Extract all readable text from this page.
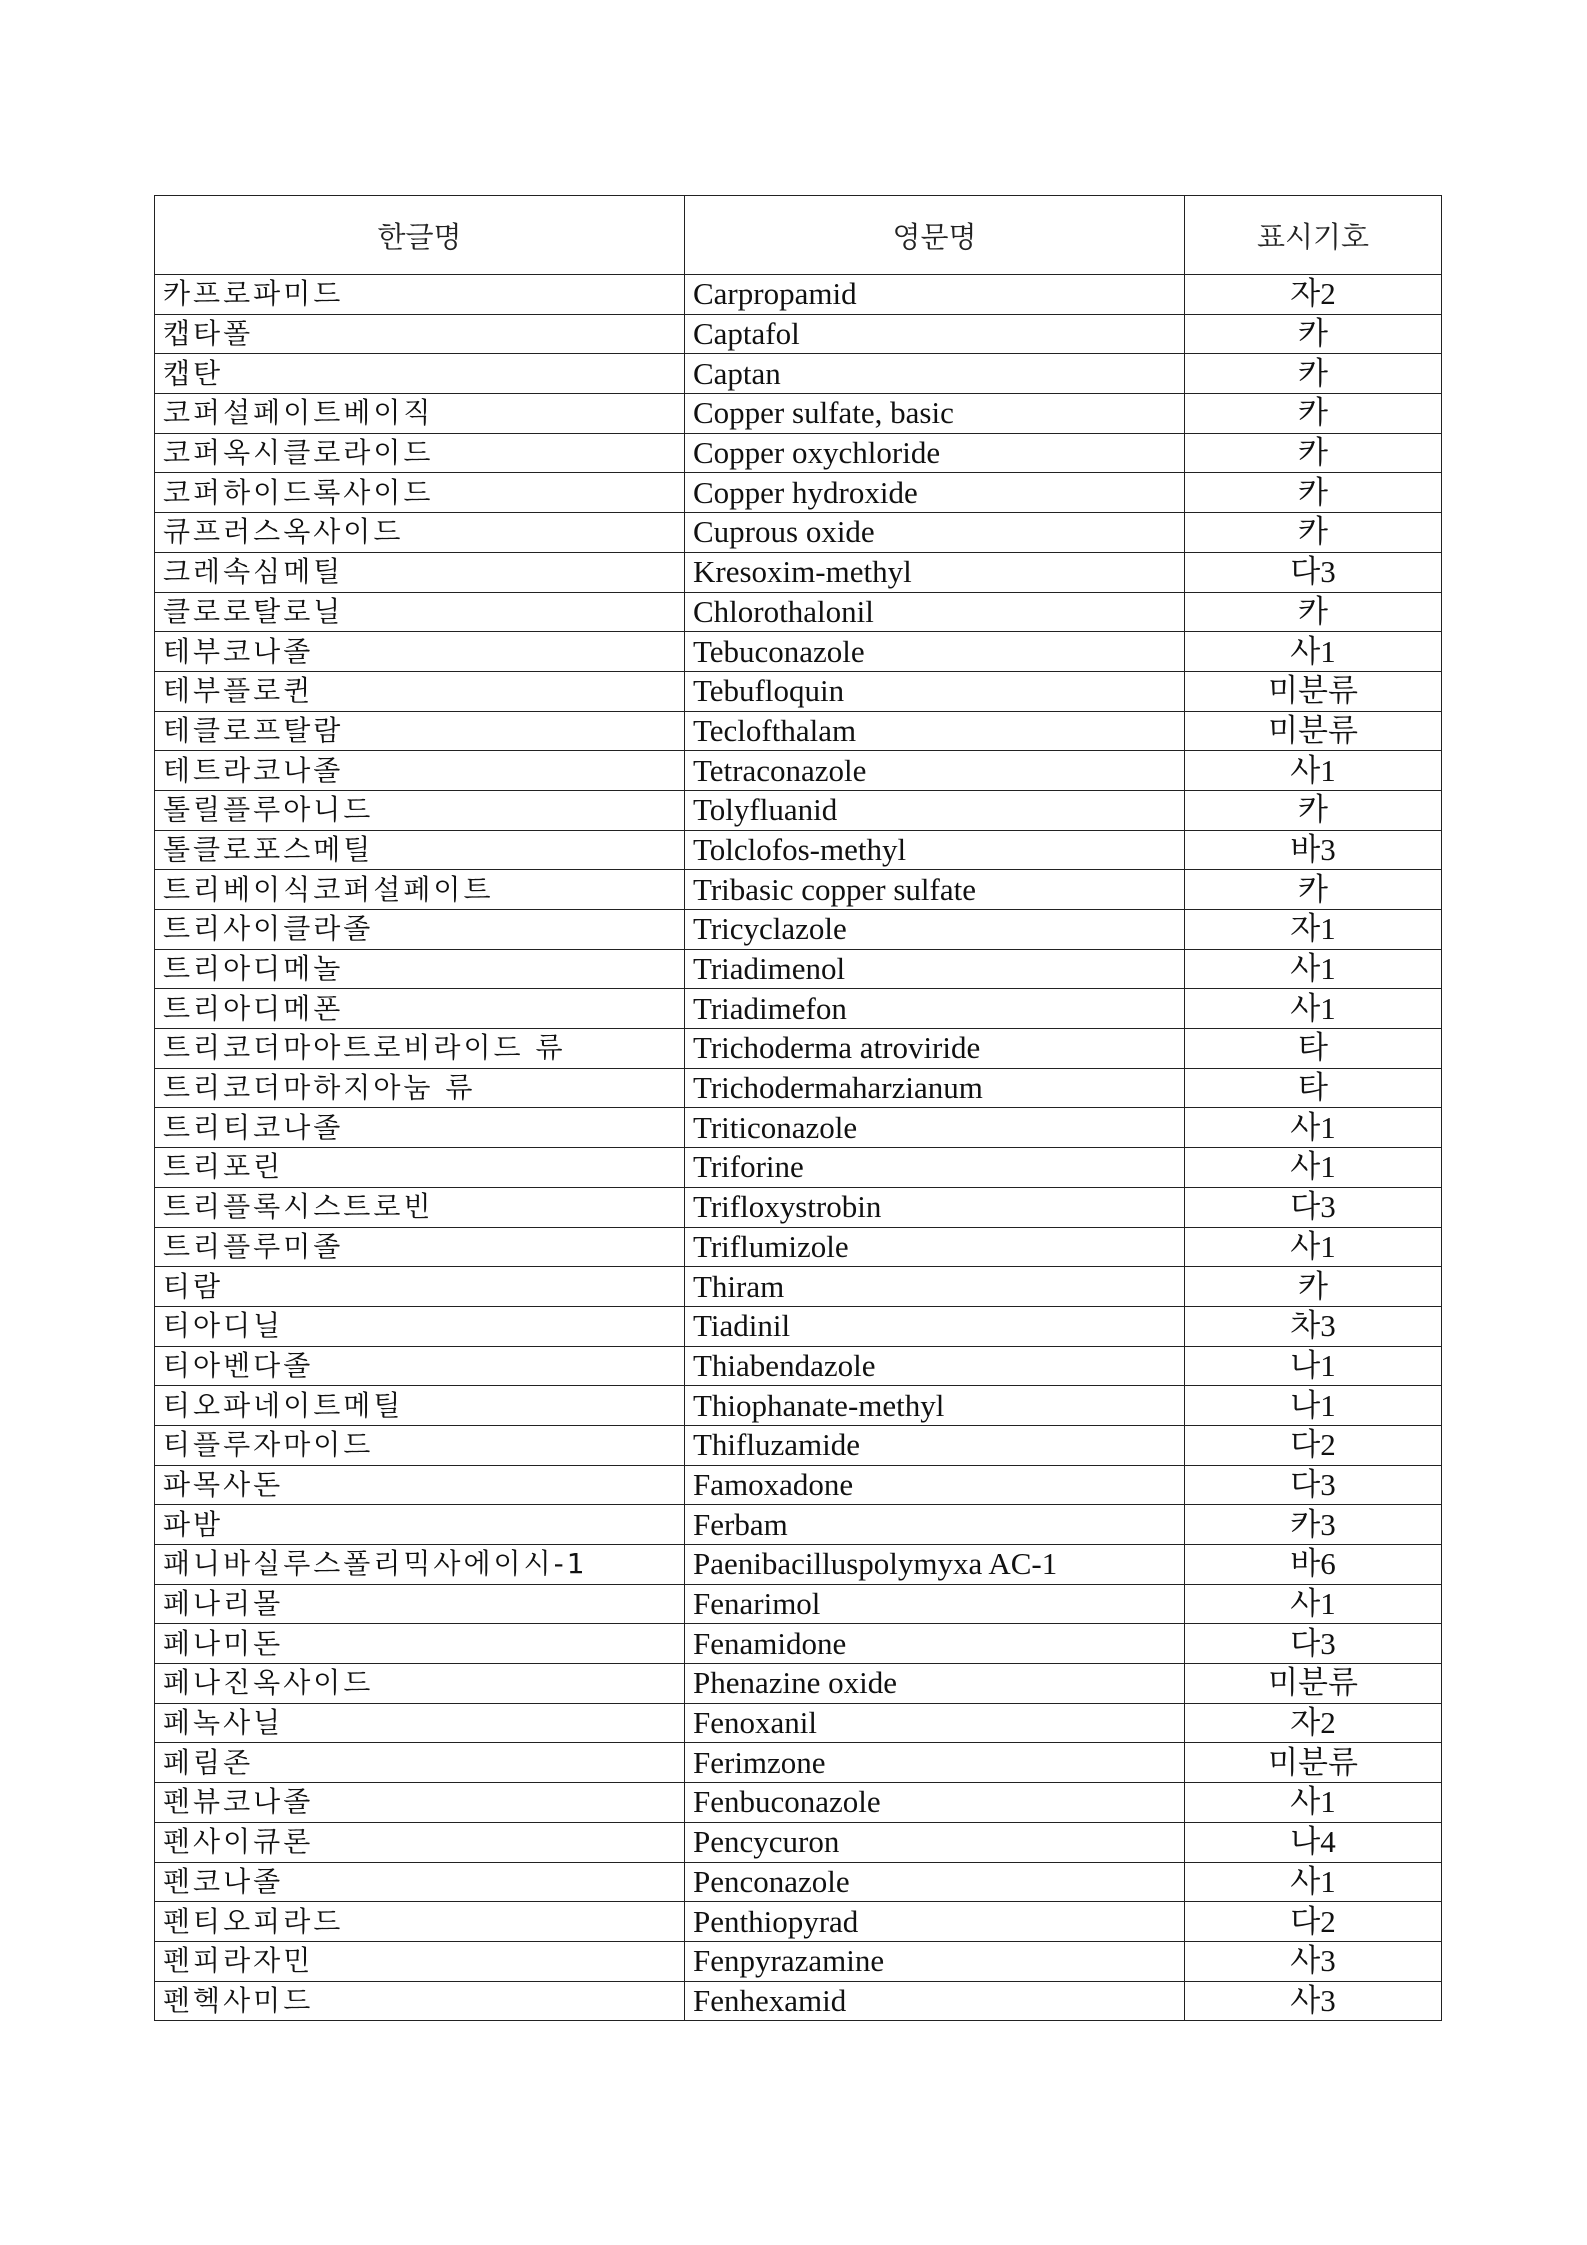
한글명	영문명	표시기호
카프로파미드	Carpropamid	자2
캡타폴	Captafol	카
캡탄	Captan	카
코퍼설페이트베이직	Copper sulfate, basic	카
코퍼옥시클로라이드	Copper oxychloride	카
코퍼하이드록사이드	Copper hydroxide	카
큐프러스옥사이드	Cuprous oxide	카
크레속심메틸	Kresoxim-methyl	다3
클로로탈로닐	Chlorothalonil	카
테부코나졸	Tebuconazole	사1
테부플로퀸	Tebufloquin	미분류
테클로프탈람	Teclofthalam	미분류
테트라코나졸	Tetraconazole	사1
톨릴플루아니드	Tolyfluanid	카
톨클로포스메틸	Tolclofos-methyl	바3
트리베이식코퍼설페이트	Tribasic copper sulfate	카
트리사이클라졸	Tricyclazole	자1
트리아디메놀	Triadimenol	사1
트리아디메폰	Triadimefon	사1
트리코더마아트로비라이드 류	Trichoderma atroviride	타
트리코더마하지아눔 류	Trichodermaharzianum	타
트리티코나졸	Triticonazole	사1
트리포린	Triforine	사1
트리플록시스트로빈	Trifloxystrobin	다3
트리플루미졸	Triflumizole	사1
티람	Thiram	카
티아디닐	Tiadinil	차3
티아벤다졸	Thiabendazole	나1
티오파네이트메틸	Thiophanate-methyl	나1
티플루자마이드	Thifluzamide	다2
파목사돈	Famoxadone	다3
파밤	Ferbam	카3
패니바실루스폴리믹사에이시-1	Paenibacilluspolymyxa AC-1	바6
페나리몰	Fenarimol	사1
페나미돈	Fenamidone	다3
페나진옥사이드	Phenazine oxide	미분류
페녹사닐	Fenoxanil	자2
페림존	Ferimzone	미분류
펜뷰코나졸	Fenbuconazole	사1
펜사이큐론	Pencycuron	나4
펜코나졸	Penconazole	사1
펜티오피라드	Penthiopyrad	다2
펜피라자민	Fenpyrazamine	사3
펜헥사미드	Fenhexamid	사3
